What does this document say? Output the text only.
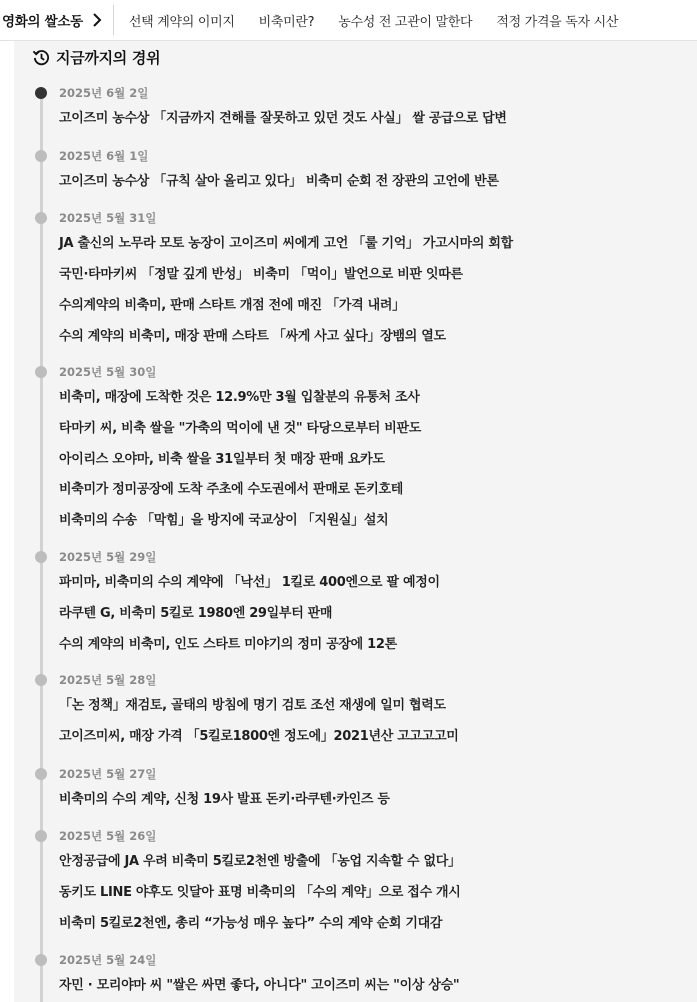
영화의 쌀소동	선택 계약의 이미지 비축미란? 농수성 전 고관이 말한다 적정 가격을 독자 시산
지금까지의 경위
2025년 6월 2일
고이즈미 농수상 「지금까지 견해를 잘못하고 있던 것도 사실」 쌀 공급으로 답변
2025년 6월 1일
고이즈미 농수상 「규칙 살아 올리고 있다」 비축미 순회 전 장관의 고언에 반론
2025년 5월 31일
JA 출신의 노무라 모토 농장이 고이즈미 씨에게 고언 「룰 기억」 가고시마의 회합
국민·타마키씨 「정말 깊게 반성」 비축미 「먹이」발언으로 비판 잇따른
수의계약의 비축미, 판매 스타트 개점 전에 매진 「가격 내려」
수의 계약의 비축미, 매장 판매 스타트 「싸게 사고 싶다」장뱀의 열도
2025년 5월 30일
비축미, 매장에 도착한 것은 12.9%만 3월 입찰분의 유통처 조사
타마키 씨, 비축 쌀을 "가축의 먹이에 낸 것" 타당으로부터 비판도
아이리스 오야마, 비축 쌀을 31일부터 첫 매장 판매 요카도
비축미가 정미공장에 도착 주초에 수도권에서 판매로 돈키호테
비축미의 수송 「막힘」을 방지에 국교상이 「지원실」설치
2025년 5월 29일
파미마, 비축미의 수의 계약에 「낙선」 1킬로 400엔으로 팔 예정이
라쿠텐 G, 비축미 5킬로 1980엔 29일부터 판매
수의 계약의 비축미, 인도 스타트 미야기의 정미 공장에 12톤
2025년 5월 28일
「논 정책」재검토, 골태의 방침에 명기 검토 조선 재생에 일미 협력도
고이즈미씨, 매장 가격 「5킬로1800엔 정도에」2021년산 고고고고미
2025년 5월 27일
비축미의 수의 계약, 신청 19사 발표 돈키·라쿠텐·카인즈 등
2025년 5월 26일
안정공급에 JA 우려 비축미 5킬로2천엔 방출에 「농업 지속할 수 없다」
동키도 LINE 야후도 잇달아 표명 비축미의 「수의 계약」으로 접수 개시
비축미 5킬로2천엔, 총리 “가능성 매우 높다” 수의 계약 순회 기대감
2025년 5월 24일
자민 · 모리야마 씨 "쌀은 싸면 좋다, 아니다" 고이즈미 씨는 "이상 상승"
